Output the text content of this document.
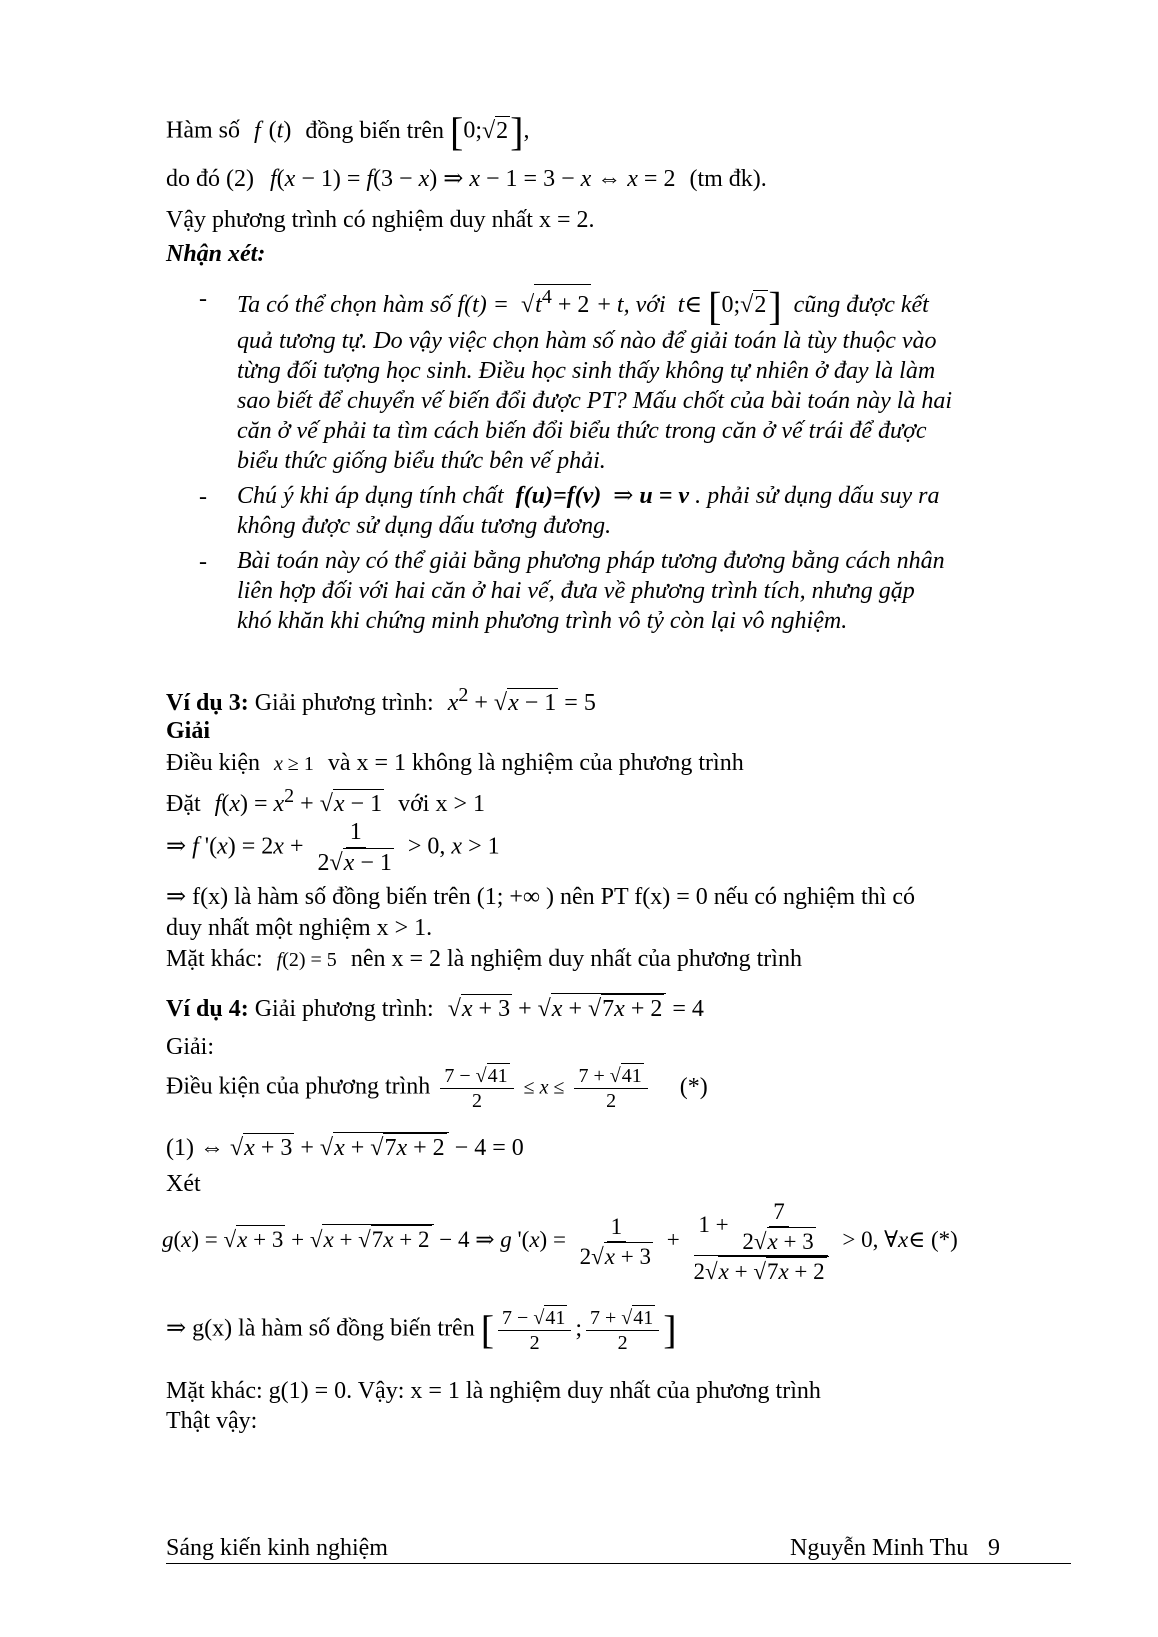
Hàm số f (t) đồng biến trên [0;√2],
do đó (2) f(x − 1) = f(3 − x) ⇒ x − 1 = 3 − x ⇔ x = 2 (tm đk).
Vậy phương trình có nghiệm duy nhất x = 2.
Nhận xét:
- Ta có thể chọn hàm số $f(t) = √t^4 + 2 + t$, với t∈ [0;√2] cũng được kết
quả tương tự. Do vậy việc chọn hàm số nào để giải toán là tùy thuộc vào
từng đối tượng học sinh. Điều học sinh thấy không tự nhiên ở đay là làm
sao biết để chuyển vế biến đổi được PT? Mấu chốt của bài toán này là hai
căn ở vế phải ta tìm cách biến đổi biểu thức trong căn ở vế trái để được
biểu thức giống biểu thức bên vế phải.
- Chú ý khi áp dụng tính chất f(u)=f(v) ⇒ u = v . phải sử dụng dấu suy ra
không được sử dụng dấu tương đương.
- Bài toán này có thể giải bằng phương pháp tương đương bằng cách nhân
liên hợp đối với hai căn ở hai vế, đưa về phương trình tích, nhưng gặp
khó khăn khi chứng minh phương trình vô tỷ còn lại vô nghiệm.
Ví dụ 3: Giải phương trình: $x^2 + √x - 1 = 5$
Giải
Điều kiện x ≥ 1 và x = 1 không là nghiệm của phương trình
Đặt $f(x) = x^2 + √x - 1$ với x > 1
⇒ f '$(x) = 2x + \frac{1}{2√x - 1} > 0$, x > 1
⇒ f(x) là hàm số đồng biến trên (1; +∞ ) nên PT f(x) = 0 nếu có nghiệm thì có
duy nhất một nghiệm x > 1.
Mặt khác: f(2) = 5 nên x = 2 là nghiệm duy nhất của phương trình
Ví dụ 4: Giải phương trình: √x + 3 + √x + √7x + 2 = 4
Giải:
Điều kiện của phương trình $\frac{7 - √41}{2} \le x \le \frac{7 + √41}{2}$ (*)
(1) ⇔ √x + 3 + √x + √7x + 2 − 4 = 0
Xét
g(x) = √x + 3 + √x + √7x + 2 − 4 ⇒ g '$(x) = \frac{1}{2√x + 3} + \frac{1 + \frac{7}{2√x + 3}}{2√x + √7x + 2} > 0$, ∀x∈ (*)
⇒ g(x) là hàm số đồng biến trên [ $\frac{7 - √41}{2}$ ; $\frac{7 + √41}{2}$ ]
Mặt khác: g(1) = 0. Vậy: x = 1 là nghiệm duy nhất của phương trình
Thật vậy:
Sáng kiến kinh nghiệm	Nguyễn Minh Thu 9
